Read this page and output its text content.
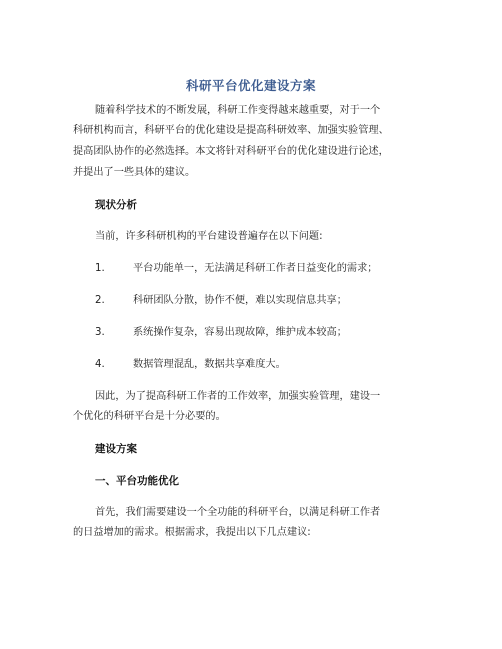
科研平台优化建设方案

随着科学技术的不断发展，科研工作变得越来越重要，对于一个

科研机构而言，科研平台的优化建设是提高科研效率、加强实验管理、

提高团队协作的必然选择。本文将针对科研平台的优化建设进行论述，

并提出了一些具体的建议。

现状分析

当前，许多科研机构的平台建设普遍存在以下问题:

1.	平台功能单一，无法满足科研工作者日益变化的需求；
2.	科研团队分散，协作不便，难以实现信息共享；
3.	系统操作复杂，容易出现故障，维护成本较高；
4.	数据管理混乱，数据共享难度大。

因此，为了提高科研工作者的工作效率，加强实验管理，建设一

个优化的科研平台是十分必要的。

建设方案
一、平台功能优化

首先，我们需要建设一个全功能的科研平台，以满足科研工作者

的日益增加的需求。根据需求，我提出以下几点建议:
